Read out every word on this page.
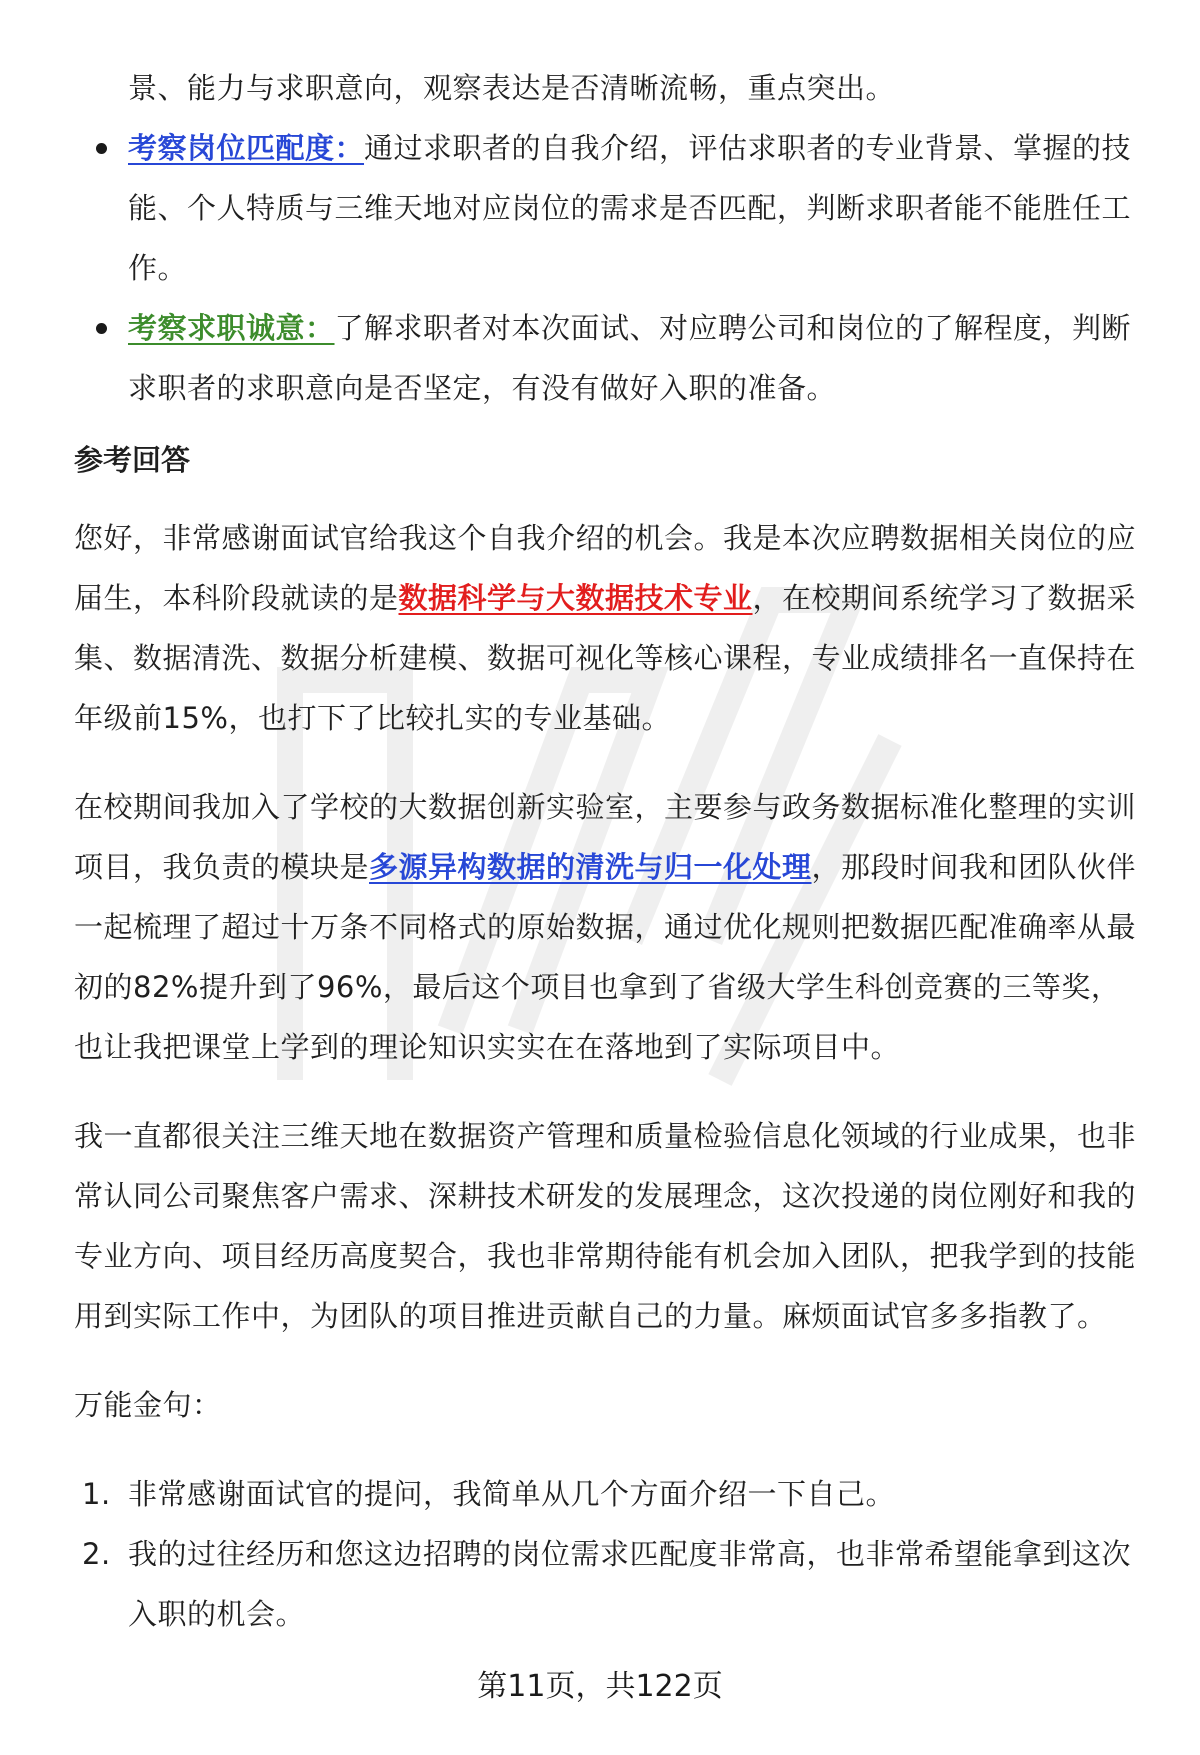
景、能力与求职意向，观察表达是否清晰流畅，重点突出。

考察岗位匹配度：通过求职者的自我介绍，评估求职者的专业背景、掌握的技能、个人特质与三维天地对应岗位的需求是否匹配，判断求职者能不能胜任工作。
考察求职诚意：了解求职者对本次面试、对应聘公司和岗位的了解程度，判断求职者的求职意向是否坚定，有没有做好入职的准备。
参考回答

您好，非常感谢面试官给我这个自我介绍的机会。我是本次应聘数据相关岗位的应届生，本科阶段就读的是数据科学与大数据技术专业，在校期间系统学习了数据采集、数据清洗、数据分析建模、数据可视化等核心课程，专业成绩排名一直保持在年级前15%，也打下了比较扎实的专业基础。

在校期间我加入了学校的大数据创新实验室，主要参与政务数据标准化整理的实训项目，我负责的模块是多源异构数据的清洗与归一化处理，那段时间我和团队伙伴一起梳理了超过十万条不同格式的原始数据，通过优化规则把数据匹配准确率从最初的82%提升到了96%，最后这个项目也拿到了省级大学生科创竞赛的三等奖，也让我把课堂上学到的理论知识实实在在落地到了实际项目中。

我一直都很关注三维天地在数据资产管理和质量检验信息化领域的行业成果，也非常认同公司聚焦客户需求、深耕技术研发的发展理念，这次投递的岗位刚好和我的专业方向、项目经历高度契合，我也非常期待能有机会加入团队，把我学到的技能用到实际工作中，为团队的项目推进贡献自己的力量。麻烦面试官多多指教了。

万能金句：

1. 非常感谢面试官的提问，我简单从几个方面介绍一下自己。
2. 我的过往经历和您这边招聘的岗位需求匹配度非常高，也非常希望能拿到这次入职的机会。
第11页，共122页
